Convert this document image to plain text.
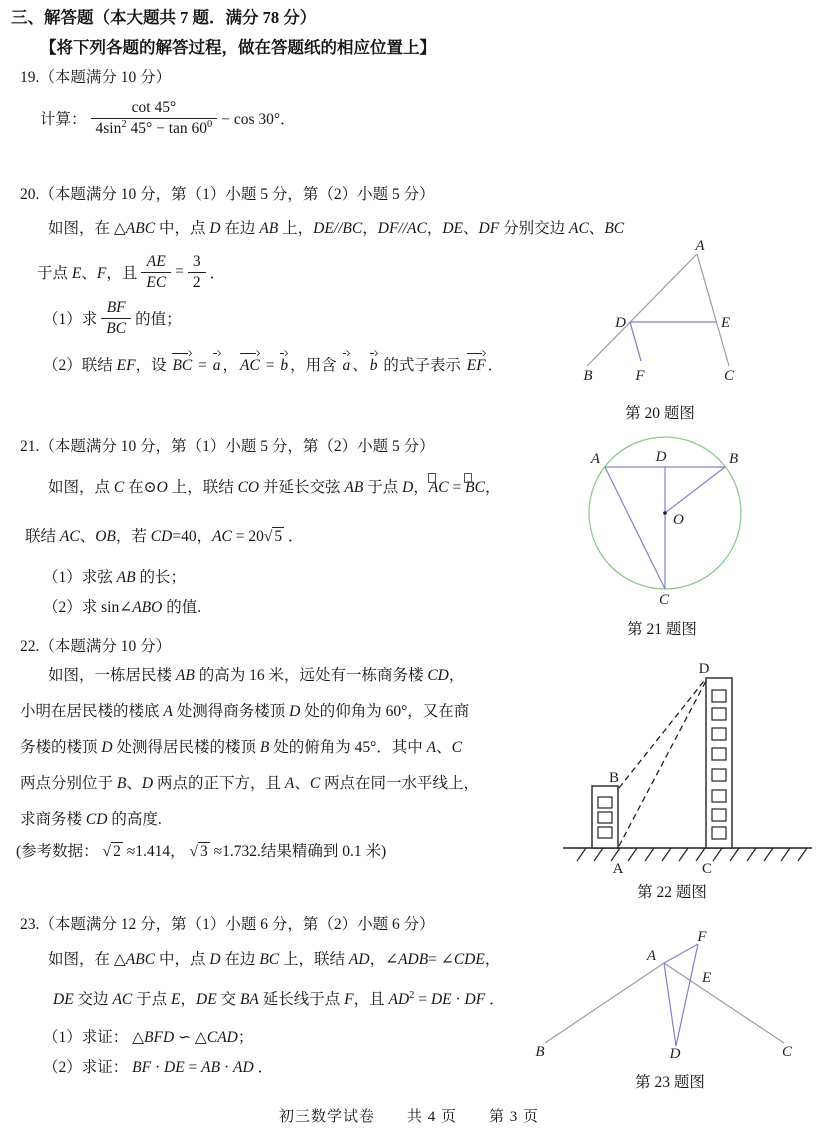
三、解答题（本大题共 7 题．满分 78 分）
【将下列各题的解答过程，做在答题纸的相应位置上】
19.（本题满分 10 分）
计算： $\frac{\cot 45^\circ}{4\sin^2 45^\circ - \tan 60^0} - \cos 30^\circ$．
20.（本题满分 10 分，第（1）小题 5 分，第（2）小题 5 分）
如图，在 △ABC 中，点 D 在边 AB 上，DE//BC，DF//AC，DE、DF 分别交边 AC、BC
于点 E、F，且 $\frac{AE}{EC} = \frac{3}{2}$ ．
（1）求 $\frac{BF}{BC}$ 的值；
（2）联结 EF，设 BC = a ， AC = b ，用含 a 、 b 的式子表示 EF ．
A
D	E
B	F	C
第 20 题图
21.（本题满分 10 分，第（1）小题 5 分，第（2）小题 5 分）
如图，点 C 在⊙O 上，联结 CO 并延长交弦 AB 于点 D，AC = BC，
联结 AC、OB，若 CD=40，AC = 20√ 5 ．
（1）求弦 AB 的长；
（2）求 sin∠ABO 的值.
A	D	B
O
C
第 21 题图
22.（本题满分 10 分）
如图，一栋居民楼 AB 的高为 16 米，远处有一栋商务楼 CD，
小明在居民楼的楼底 A 处测得商务楼顶 D 处的仰角为 60°，又在商
务楼的楼顶 D 处测得居民楼的楼顶 B 处的俯角为 45°．其中 A、C
两点分别位于 B、D 两点的正下方，且 A、C 两点在同一水平线上，
求商务楼 CD 的高度.
(参考数据： √ 2 ≈1.414， √ 3 ≈1.732.结果精确到 0.1 米)
D
B
A	C
第 22 题图
23.（本题满分 12 分，第（1）小题 6 分，第（2）小题 6 分）
如图，在 △ABC 中，点 D 在边 BC 上，联结 AD，∠ADB= ∠CDE，
DE 交边 AC 于点 E，DE 交 BA 延长线于点 F，且 $AD^2$ = DE · DF ．
（1）求证： △BFD ∽ △CAD；
（2）求证： BF · DE = AB · AD ．
A
F
E
B	D	C
第 23 题图
初三数学试卷　　共 4 页　　第 3 页
